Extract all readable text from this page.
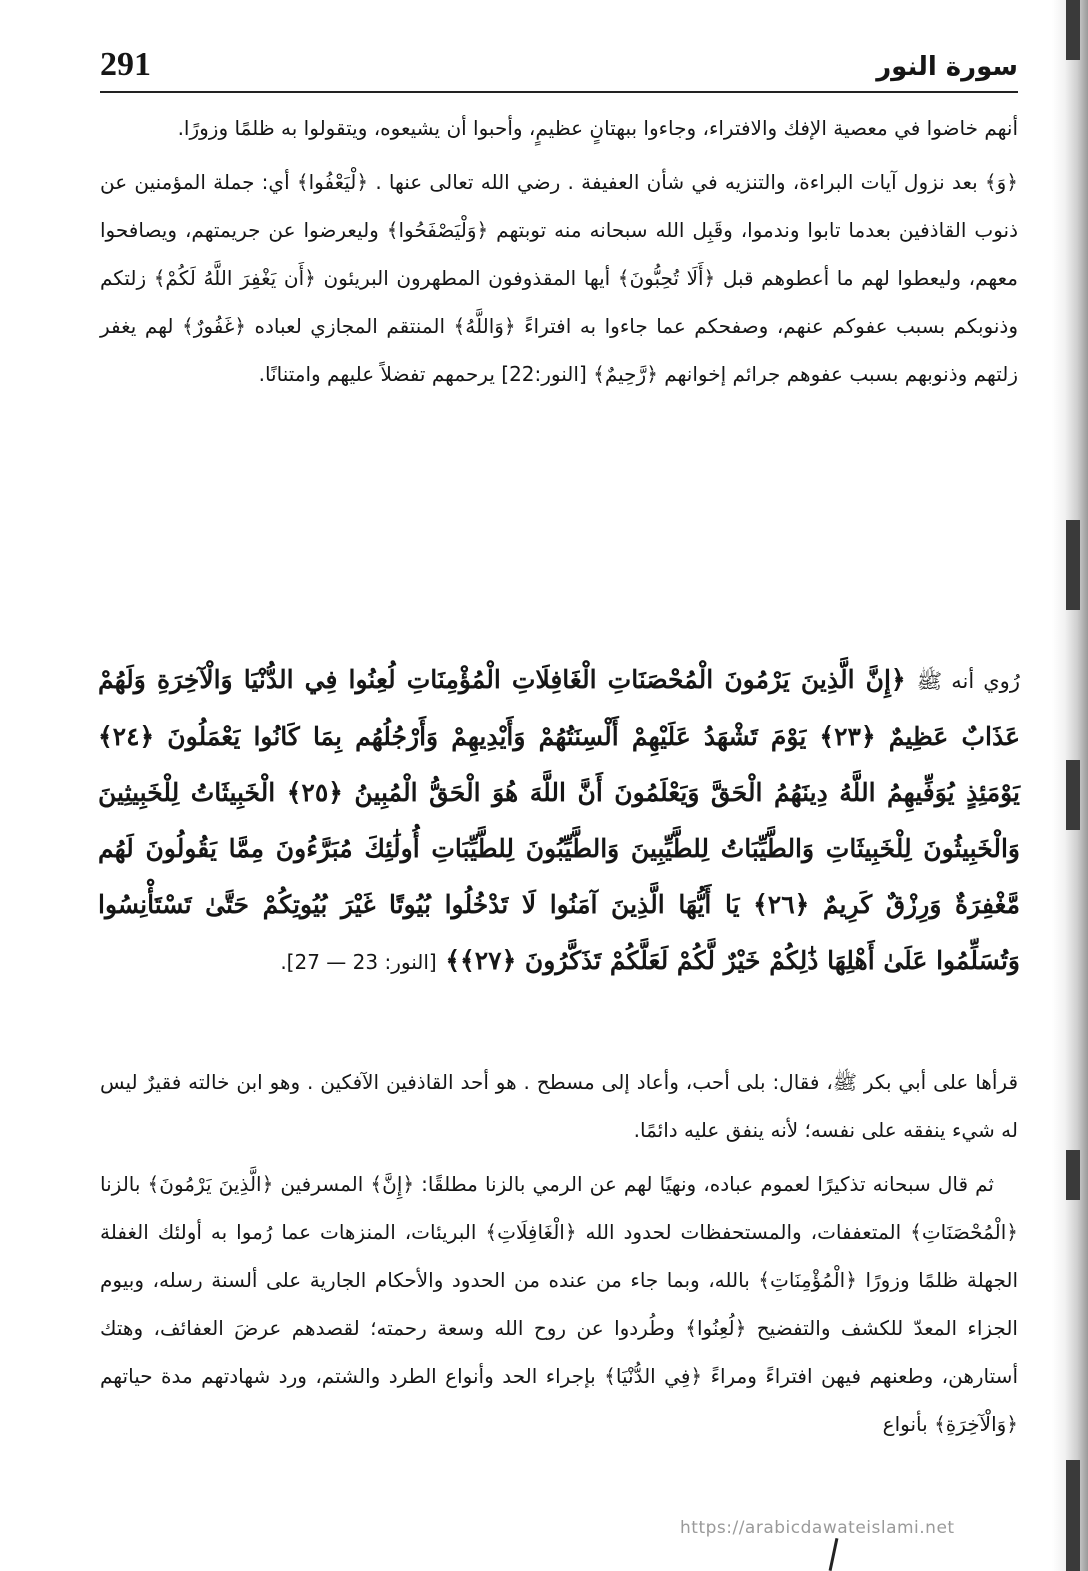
291	سورة النور

أنهم خاضوا في معصية الإفك والافتراء، وجاءوا ببهتانٍ عظيمٍ، وأحبوا أن يشيعوه، ويتقولوا به ظلمًا وزورًا.

﴿وَ﴾ بعد نزول آيات البراءة، والتنزيه في شأن العفيفة . رضي الله تعالى عنها . ﴿لْيَعْفُوا﴾ أي: جملة المؤمنين عن ذنوب القاذفين بعدما تابوا وندموا، وقَبِل الله سبحانه منه توبتهم ﴿وَلْيَصْفَحُوا﴾ وليعرضوا عن جريمتهم، ويصافحوا معهم، وليعطوا لهم ما أعطوهم قبل ﴿أَلَا تُحِبُّونَ﴾ أيها المقذوفون المطهرون البريئون ﴿أَن يَغْفِرَ اللَّهُ لَكُمْ﴾ زلتكم وذنوبكم بسبب عفوكم عنهم، وصفحكم عما جاءوا به افتراءً ﴿وَاللَّهُ﴾ المنتقم المجازي لعباده ﴿غَفُورٌ﴾ لهم يغفر زلتهم وذنوبهم بسبب عفوهم جرائم إخوانهم ﴿رَّحِيمٌ﴾ [النور:22] يرحمهم تفضلاً عليهم وامتنانًا.

رُوي أنه ﷺ ﴿إِنَّ الَّذِينَ يَرْمُونَ الْمُحْصَنَاتِ الْغَافِلَاتِ الْمُؤْمِنَاتِ لُعِنُوا فِي الدُّنْيَا وَالْآخِرَةِ وَلَهُمْ عَذَابٌ عَظِيمٌ ﴿٢٣﴾ يَوْمَ تَشْهَدُ عَلَيْهِمْ أَلْسِنَتُهُمْ وَأَيْدِيهِمْ وَأَرْجُلُهُم بِمَا كَانُوا يَعْمَلُونَ ﴿٢٤﴾ يَوْمَئِذٍ يُوَفِّيهِمُ اللَّهُ دِينَهُمُ الْحَقَّ وَيَعْلَمُونَ أَنَّ اللَّهَ هُوَ الْحَقُّ الْمُبِينُ ﴿٢٥﴾ الْخَبِيثَاتُ لِلْخَبِيثِينَ وَالْخَبِيثُونَ لِلْخَبِيثَاتِ وَالطَّيِّبَاتُ لِلطَّيِّبِينَ وَالطَّيِّبُونَ لِلطَّيِّبَاتِ أُولَٰئِكَ مُبَرَّءُونَ مِمَّا يَقُولُونَ لَهُم مَّغْفِرَةٌ وَرِزْقٌ كَرِيمٌ ﴿٢٦﴾ يَا أَيُّهَا الَّذِينَ آمَنُوا لَا تَدْخُلُوا بُيُوتًا غَيْرَ بُيُوتِكُمْ حَتَّىٰ تَسْتَأْنِسُوا وَتُسَلِّمُوا عَلَىٰ أَهْلِهَا ذَٰلِكُمْ خَيْرٌ لَّكُمْ لَعَلَّكُمْ تَذَكَّرُونَ ﴿٢٧﴾﴾ [النور: 23 — 27].

قرأها على أبي بكر ﷺ، فقال: بلى أحب، وأعاد إلى مسطح . هو أحد القاذفين الآفكين . وهو ابن خالته فقيرٌ ليس له شيء ينفقه على نفسه؛ لأنه ينفق عليه دائمًا.

ثم قال سبحانه تذكيرًا لعموم عباده، ونهيًا لهم عن الرمي بالزنا مطلقًا: ﴿إِنَّ﴾ المسرفين ﴿الَّذِينَ يَرْمُونَ﴾ بالزنا ﴿الْمُحْصَنَاتِ﴾ المتعففات، والمستحفظات لحدود الله ﴿الْغَافِلَاتِ﴾ البريئات، المنزهات عما رُموا به أولئك الغفلة الجهلة ظلمًا وزورًا ﴿الْمُؤْمِنَاتِ﴾ بالله، وبما جاء من عنده من الحدود والأحكام الجارية على ألسنة رسله، وبيوم الجزاء المعدّ للكشف والتفضيح ﴿لُعِنُوا﴾ وطُردوا عن روح الله وسعة رحمته؛ لقصدهم عرضَ العفائف، وهتك أستارهن، وطعنهم فيهن افتراءً ومراءً ﴿فِي الدُّنْيَا﴾ بإجراء الحد وأنواع الطرد والشتم، ورد شهادتهم مدة حياتهم ﴿وَالْآخِرَةِ﴾ بأنواع

https://arabicdawateislami.net
